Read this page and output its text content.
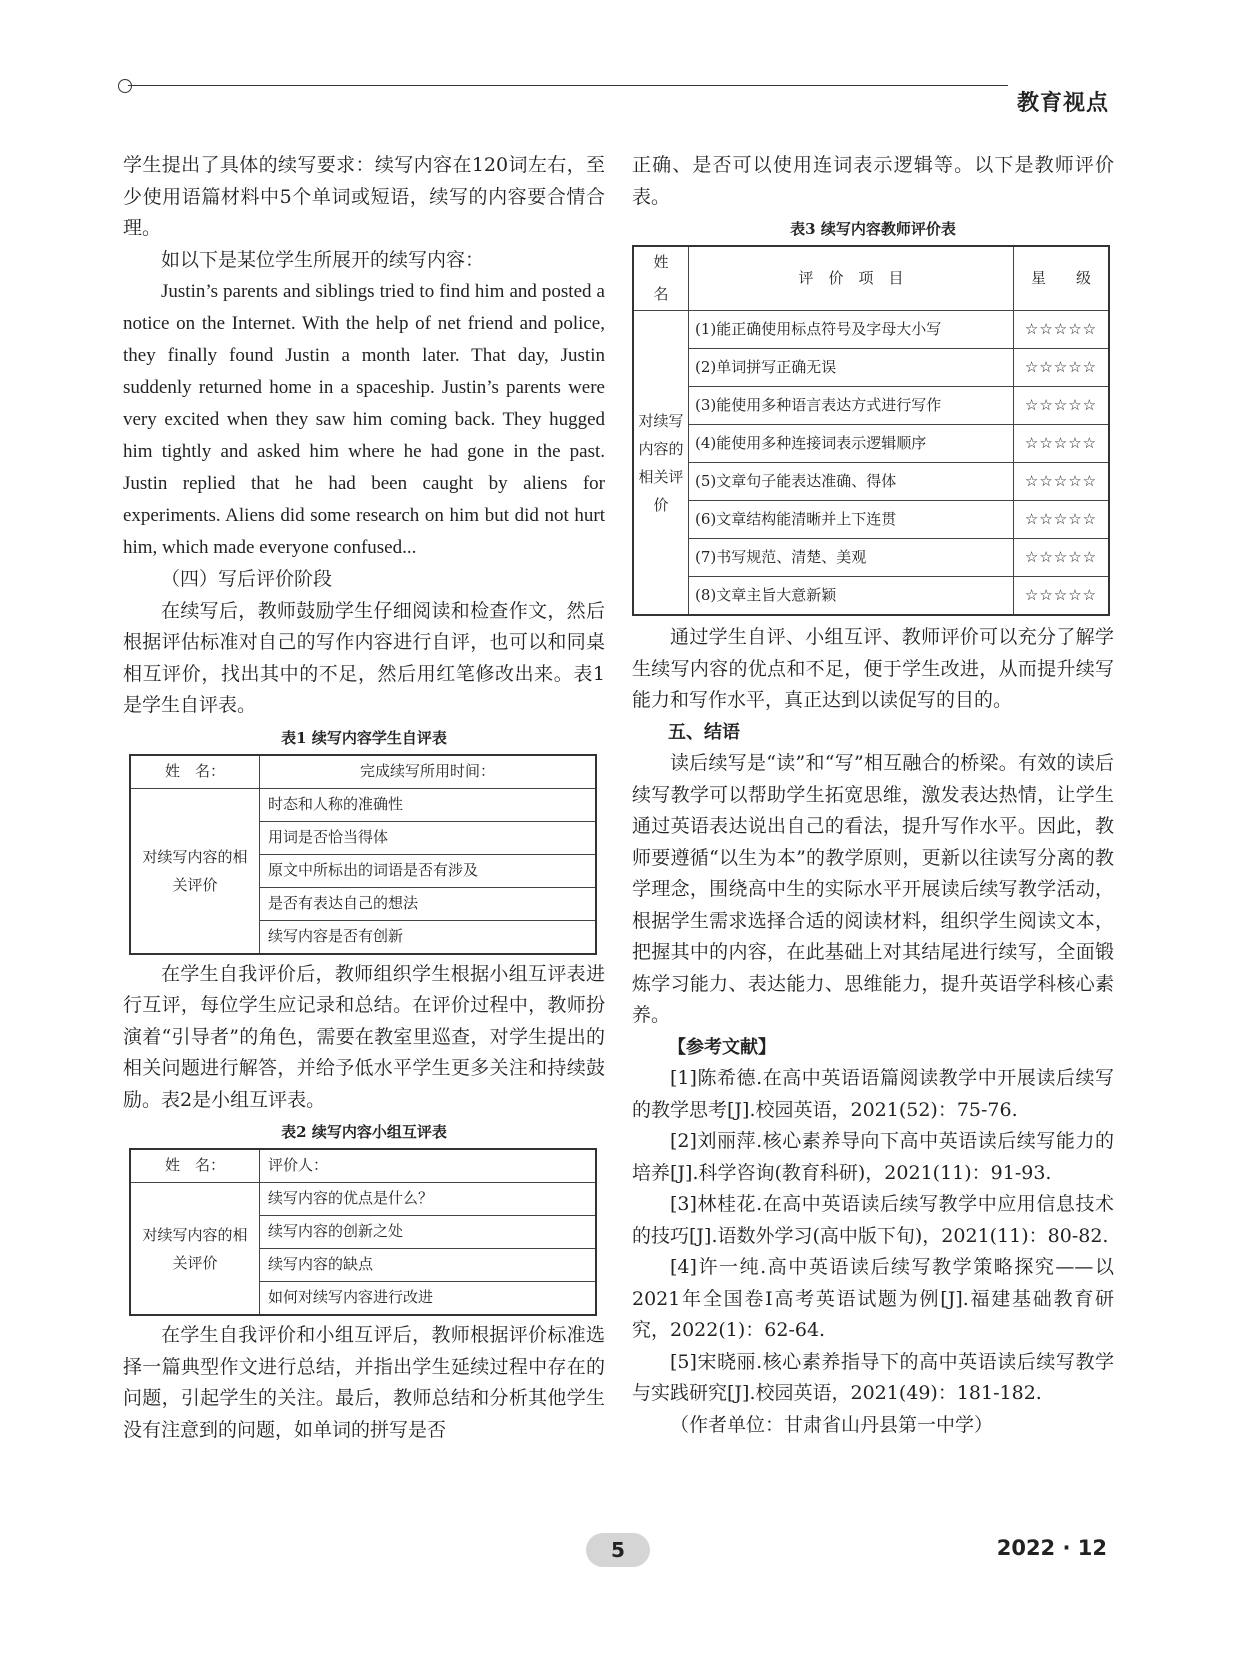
教育视点

学生提出了具体的续写要求：续写内容在120词左右，至少使用语篇材料中5个单词或短语，续写的内容要合情合理。

如以下是某位学生所展开的续写内容：

Justin’s parents and siblings tried to find him and posted a notice on the Internet. With the help of net friend and police, they finally found Justin a month later. That day, Justin suddenly returned home in a spaceship. Justin’s parents were very excited when they saw him coming back. They hugged him tightly and asked him where he had gone in the past. Justin replied that he had been caught by aliens for experiments. Aliens did some research on him but did not hurt him, which made everyone confused...

（四）写后评价阶段

在续写后，教师鼓励学生仔细阅读和检查作文，然后根据评估标准对自己的写作内容进行自评，也可以和同桌相互评价，找出其中的不足，然后用红笔修改出来。表1是学生自评表。

表1 续写内容学生自评表
姓　名：	完成续写所用时间：
对续写内容的相关评价	时态和人称的准确性
	用词是否恰当得体
	原文中所标出的词语是否有涉及
	是否有表达自己的想法
	续写内容是否有创新

在学生自我评价后，教师组织学生根据小组互评表进行互评，每位学生应记录和总结。在评价过程中，教师扮演着“引导者”的角色，需要在教室里巡查，对学生提出的相关问题进行解答，并给予低水平学生更多关注和持续鼓励。表2是小组互评表。

表2 续写内容小组互评表
姓　名：	评价人：
对续写内容的相关评价	续写内容的优点是什么？
	续写内容的创新之处
	续写内容的缺点
	如何对续写内容进行改进

在学生自我评价和小组互评后，教师根据评价标准选择一篇典型作文进行总结，并指出学生延续过程中存在的问题，引起学生的关注。最后，教师总结和分析其他学生没有注意到的问题，如单词的拼写是否

正确、是否可以使用连词表示逻辑等。以下是教师评价表。

表3 续写内容教师评价表
姓　名	评　价　项　目	星　　级
对续写内容的相关评价	(1)能正确使用标点符号及字母大小写	☆☆☆☆☆
	(2)单词拼写正确无误	☆☆☆☆☆
	(3)能使用多种语言表达方式进行写作	☆☆☆☆☆
	(4)能使用多种连接词表示逻辑顺序	☆☆☆☆☆
	(5)文章句子能表达准确、得体	☆☆☆☆☆
	(6)文章结构能清晰并上下连贯	☆☆☆☆☆
	(7)书写规范、清楚、美观	☆☆☆☆☆
	(8)文章主旨大意新颖	☆☆☆☆☆

通过学生自评、小组互评、教师评价可以充分了解学生续写内容的优点和不足，便于学生改进，从而提升续写能力和写作水平，真正达到以读促写的目的。

五、结语

读后续写是“读”和“写”相互融合的桥梁。有效的读后续写教学可以帮助学生拓宽思维，激发表达热情，让学生通过英语表达说出自己的看法，提升写作水平。因此，教师要遵循“以生为本”的教学原则，更新以往读写分离的教学理念，围绕高中生的实际水平开展读后续写教学活动，根据学生需求选择合适的阅读材料，组织学生阅读文本，把握其中的内容，在此基础上对其结尾进行续写，全面锻炼学习能力、表达能力、思维能力，提升英语学科核心素养。

【参考文献】

[1]陈希德.在高中英语语篇阅读教学中开展读后续写的教学思考[J].校园英语，2021(52)：75-76.

[2]刘丽萍.核心素养导向下高中英语读后续写能力的培养[J].科学咨询(教育科研)，2021(11)：91-93.

[3]林桂花.在高中英语读后续写教学中应用信息技术的技巧[J].语数外学习(高中版下旬)，2021(11)：80-82.

[4]许一纯.高中英语读后续写教学策略探究——以2021年全国卷Ⅰ高考英语试题为例[J].福建基础教育研究，2022(1)：62-64.

[5]宋晓丽.核心素养指导下的高中英语读后续写教学与实践研究[J].校园英语，2021(49)：181-182.

（作者单位：甘肃省山丹县第一中学）

5	2022 · 12
